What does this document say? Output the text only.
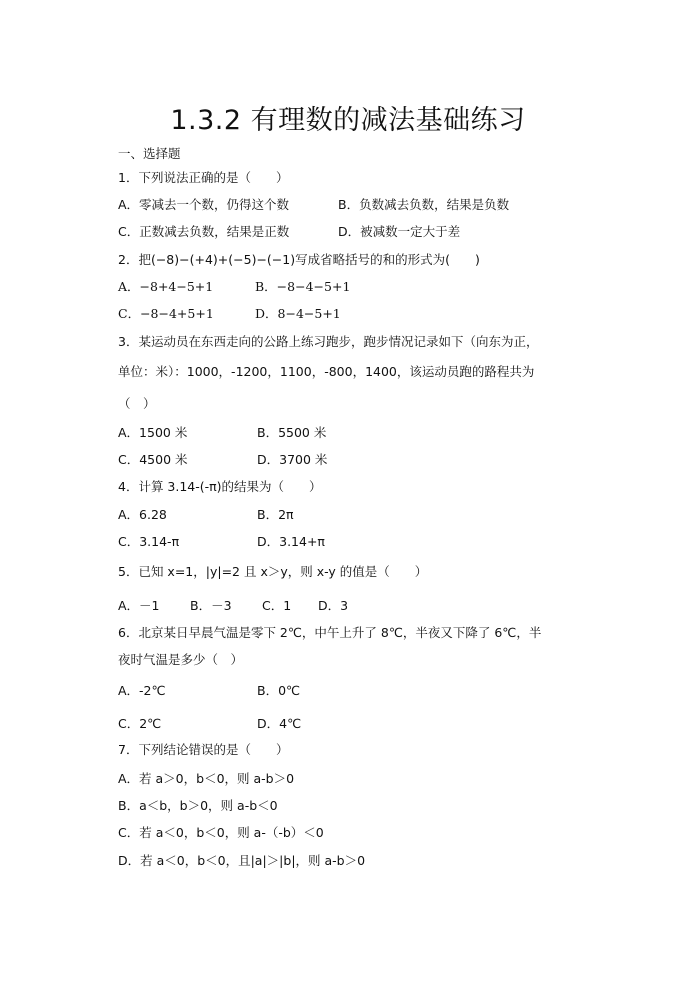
1.3.2 有理数的减法基础练习
一、选择题
1．下列说法正确的是（　　）
A．零减去一个数，仍得这个数	B．负数减去负数，结果是负数
C．正数减去负数，结果是正数	D．被减数一定大于差
2．把(−8)−(+4)+(−5)−(−1)写成省略括号的和的形式为(　　)
A．−8+4−5+1	B．−8−4−5+1
C．−8−4+5+1	D．8−4−5+1
3．某运动员在东西走向的公路上练习跑步，跑步情况记录如下（向东为正，
单位：米）：1000，-1200，1100，-800，1400，该运动员跑的路程共为
（　）
A．1500 米	B．5500 米
C．4500 米	D．3700 米
4．计算 3.14-(-π)的结果为（　　）
A．6.28	B．2π
C．3.14-π	D．3.14+π
5．已知 x=1，|y|=2 且 x＞y，则 x-y 的值是（　　）
A．－1 B．－3 C．1 D．3
6．北京某日早晨气温是零下 2℃，中午上升了 8℃，半夜又下降了 6℃，半
夜时气温是多少（　）
A．-2℃	B．0℃
C．2℃	D．4℃
7．下列结论错误的是（　　）
A．若 a＞0，b＜0，则 a-b＞0
B．a＜b，b＞0，则 a-b＜0
C．若 a＜0，b＜0，则 a-（-b）＜0
D．若 a＜0，b＜0，且|a|＞|b|，则 a-b＞0
